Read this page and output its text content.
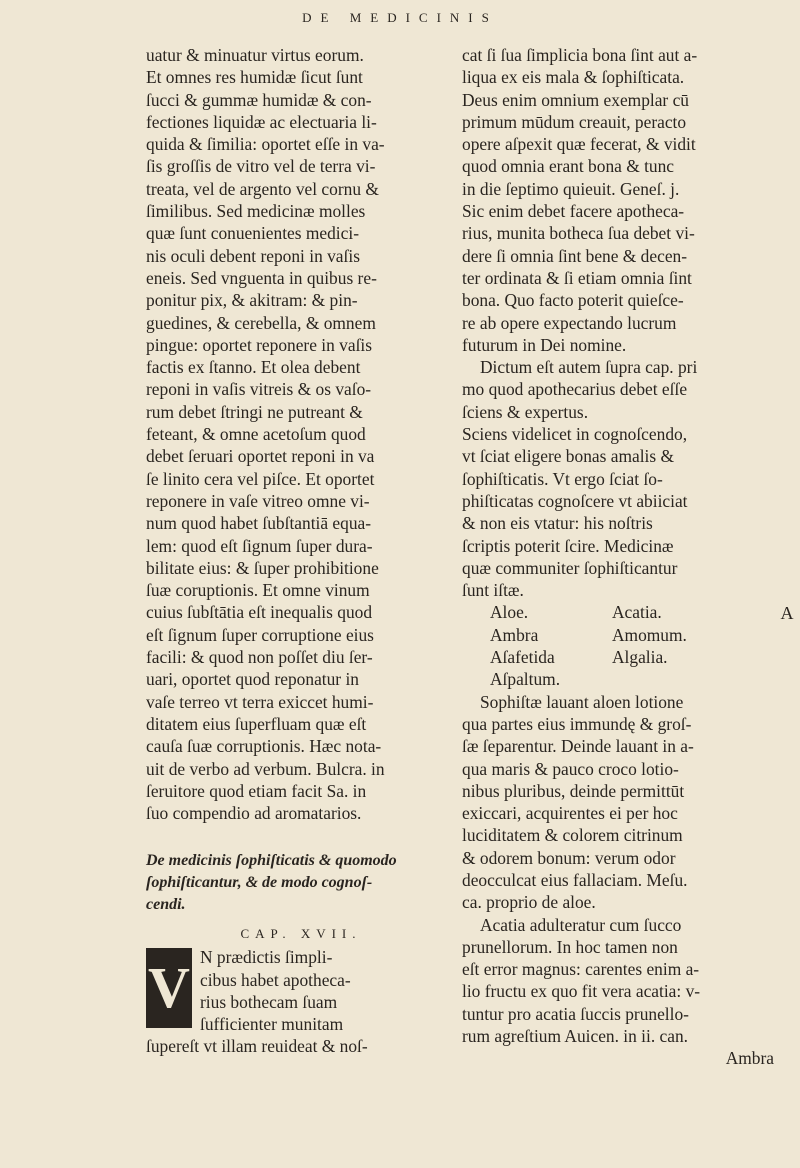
DE MEDICINIS
uatur & minuatur virtus eorum.
Et omnes res humidæ ſicut ſunt
ſucci & gummæ humidæ & con-
fectiones liquidæ ac electuaria li-
quida & ſimilia: oportet eſſe in va-
ſis groſſis de vitro vel de terra vi-
treata, vel de argento vel cornu &
ſimilibus. Sed medicinæ molles
quæ ſunt conuenientes medici-
nis oculi debent reponi in vaſis
eneis. Sed vnguenta in quibus re-
ponitur pix, & akitram: & pin-
guedines, & cerebella, & omnem
pingue: oportet reponere in vaſis
factis ex ſtanno. Et olea debent
reponi in vaſis vitreis & os vaſo-
rum debet ſtringi ne putreant &
feteant, & omne acetoſum quod
debet ſeruari oportet reponi in va
ſe linito cera vel piſce. Et oportet
reponere in vaſe vitreo omne vi-
num quod habet ſubſtantiā equa-
lem: quod eſt ſignum ſuper dura-
bilitate eius: & ſuper prohibitione
ſuæ coruptionis. Et omne vinum
cuius ſubſtātia eſt inequalis quod
eſt ſignum ſuper corruptione eius
facili: & quod non poſſet diu ſer-
uari, oportet quod reponatur in
vaſe terreo vt terra exiccet humi-
ditatem eius ſuperfluam quæ eſt
cauſa ſuæ corruptionis. Hæc nota-
uit de verbo ad verbum. Bulcra. in
ſeruitore quod etiam facit Sa. in
ſuo compendio ad aromatarios.
De medicinis ſophiſticatis & quomodo
ſophiſticantur, & de modo cognoſ-
cendi.
CAP. XVII.
V N prædictis ſimpli-
cibus habet apotheca-
rius bothecam ſuam
ſufficienter munitam
ſupereſt vt illam reuideat & noſ-
cat ſi ſua ſimplicia bona ſint aut a-
liqua ex eis mala & ſophiſticata.
Deus enim omnium exemplar cū
primum mūdum creauit, peracto
opere aſpexit quæ fecerat, & vidit
quod omnia erant bona & tunc
in die ſeptimo quieuit. Geneſ. j.
Sic enim debet facere apotheca-
rius, munita botheca ſua debet vi-
dere ſi omnia ſint bene & decen-
ter ordinata & ſi etiam omnia ſint
bona. Quo facto poterit quieſce-
re ab opere expectando lucrum
futurum in Dei nomine.
Dictum eſt autem ſupra cap. pri
mo quod apothecarius debet eſſe
ſciens & expertus.
Sciens videlicet in cognoſcendo,
vt ſciat eligere bonas amalis &
ſophiſticatis. Vt ergo ſciat ſo-
phiſticatas cognoſcere vt abiiciat
& non eis vtatur: his noſtris
ſcriptis poterit ſcire. Medicinæ
quæ communiter ſophiſticantur
ſunt iſtæ.
Aloe.	Acatia.
Ambra	Amomum.
Aſafetida	Algalia.
Aſpaltum.
Sophiſtæ lauant aloen lotione
qua partes eius immundę & groſ-
ſæ ſeparentur. Deinde lauant in a-
qua maris & pauco croco lotio-
nibus pluribus, deinde permittūt
exiccari, acquirentes ei per hoc
luciditatem & colorem citrinum
& odorem bonum: verum odor
deocculcat eius fallaciam. Meſu.
ca. proprio de aloe.
Acatia adulteratur cum ſucco
prunellorum. In hoc tamen non
eſt error magnus: carentes enim a-
lio fructu ex quo fit vera acatia: v-
tuntur pro acatia ſuccis prunello-
rum agreſtium Auicen. in ii. can.
Ambra
A
